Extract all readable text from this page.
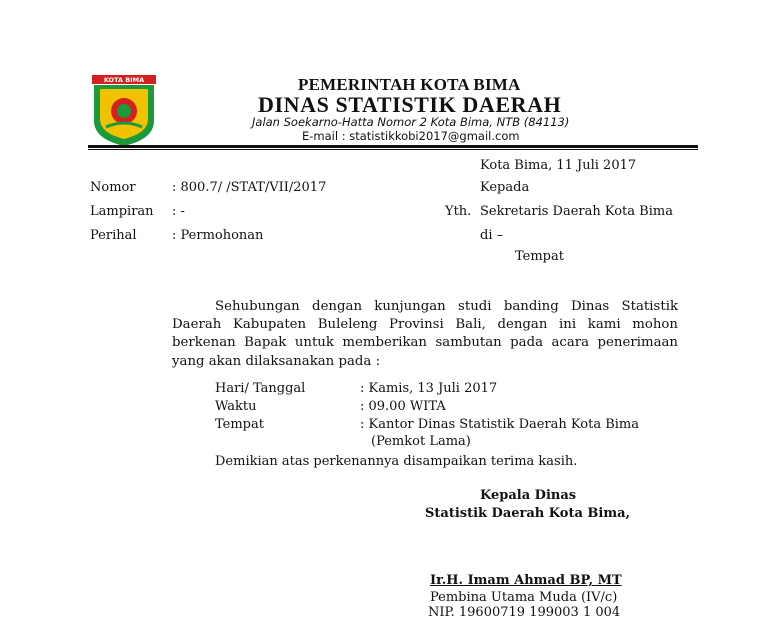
KOTA BIMA	PEMERINTAH KOTA BIMA
DINAS STATISTIK DAERAH
Jalan Soekarno-Hatta Nomor 2 Kota Bima, NTB (84113)
E-mail : statistikkobi2017@gmail.com
Kota Bima, 11 Juli 2017
Nomor	: 800.7/ /STAT/VII/2017	Kepada
Lampiran : -	Yth. Sekretaris Daerah Kota Bima
Perihal	: Permohonan	di –
Tempat

Sehubungan dengan kunjungan studi banding Dinas Statistik Daerah Kabupaten Buleleng Provinsi Bali, dengan ini kami mohon berkenan Bapak untuk memberikan sambutan pada acara penerimaan yang akan dilaksanakan pada :

Hari/ Tanggal	: Kamis, 13 Juli 2017
Waktu	: 09.00 WITA
Tempat	: Kantor Dinas Statistik Daerah Kota Bima
(Pemkot Lama)
Demikian atas perkenannya disampaikan terima kasih.
Kepala Dinas
Statistik Daerah Kota Bima,
Ir.H. Imam Ahmad BP, MT
Pembina Utama Muda (IV/c)
NIP. 19600719 199003 1 004
